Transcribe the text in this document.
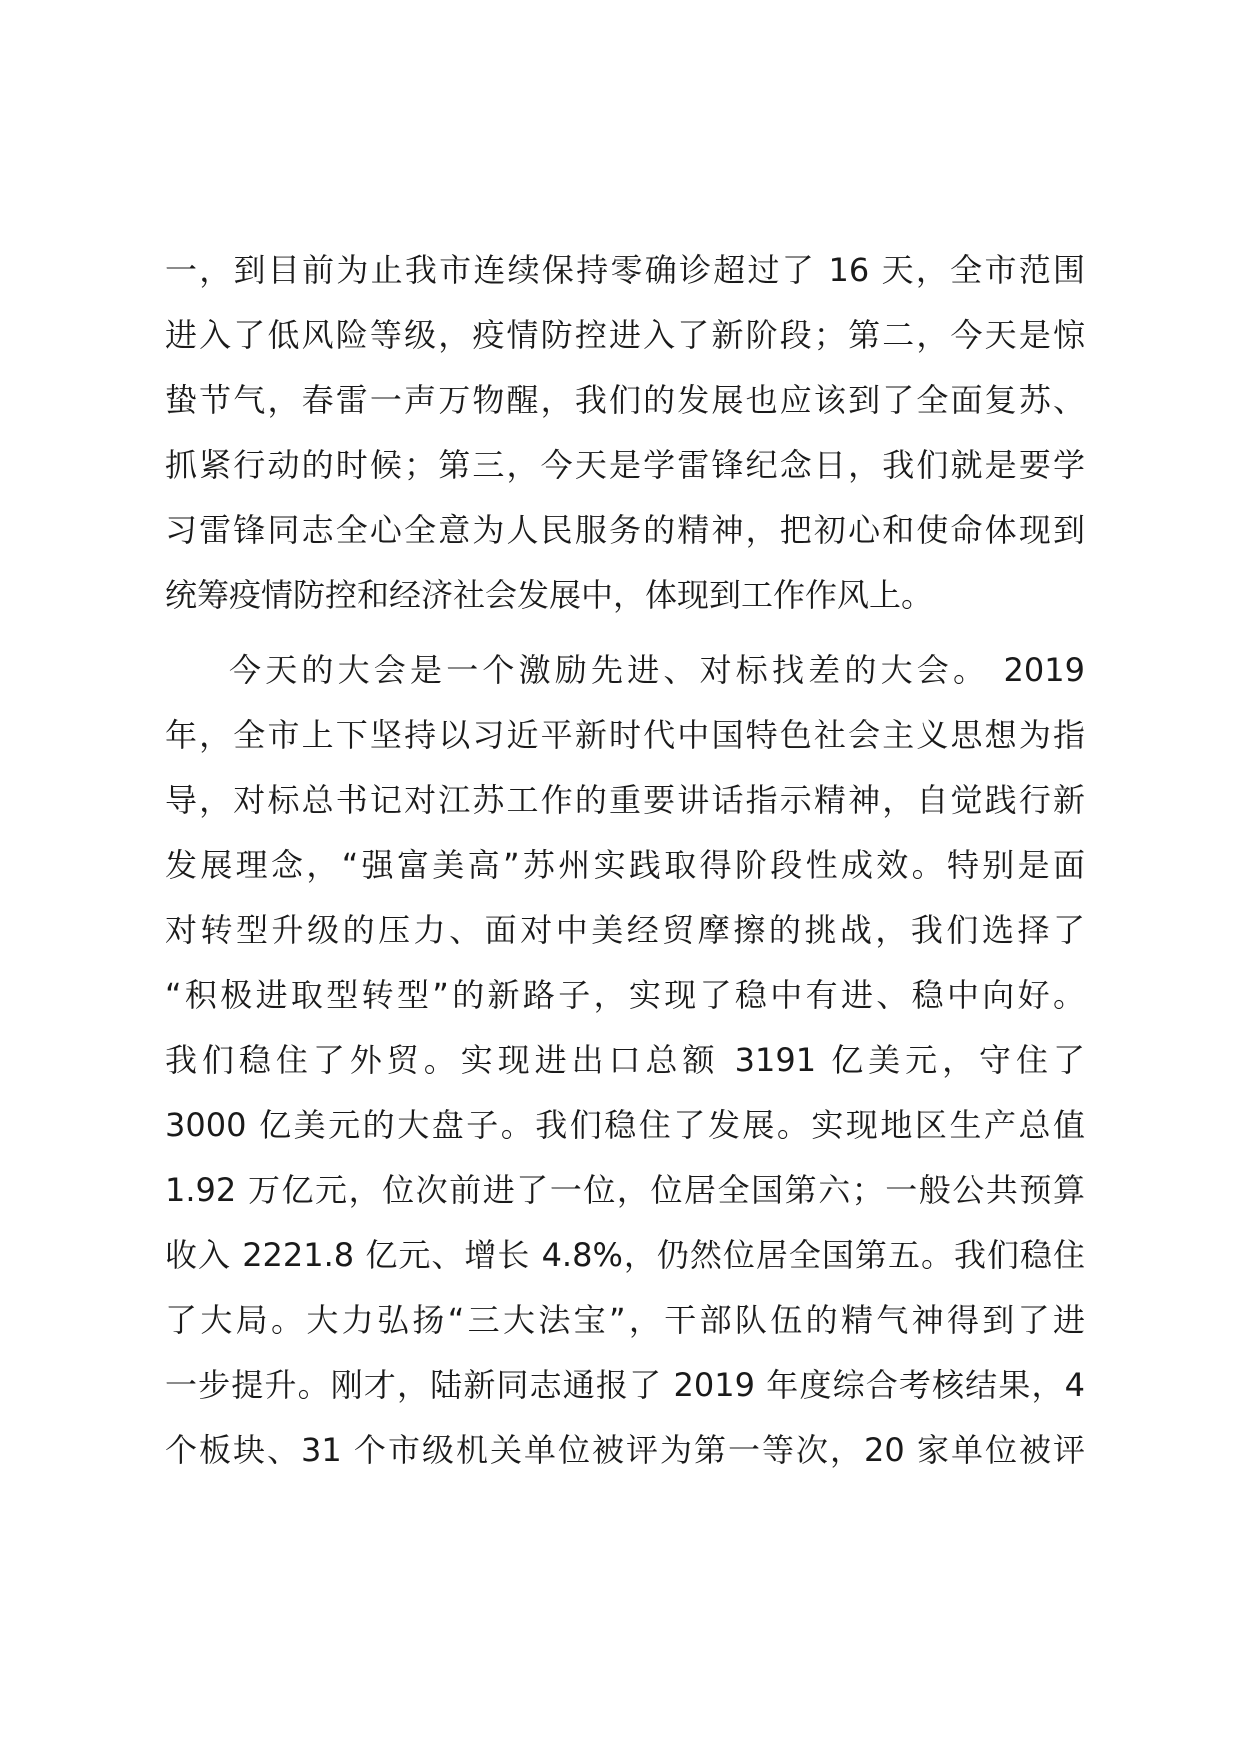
一，到目前为止我市连续保持零确诊超过了 16 天，全市范围
进入了低风险等级，疫情防控进入了新阶段；第二，今天是惊
蛰节气，春雷一声万物醒，我们的发展也应该到了全面复苏、
抓紧行动的时候；第三，今天是学雷锋纪念日，我们就是要学
习雷锋同志全心全意为人民服务的精神，把初心和使命体现到
统筹疫情防控和经济社会发展中，体现到工作作风上。
今天的大会是一个激励先进、对标找差的大会。 2019
年，全市上下坚持以习近平新时代中国特色社会主义思想为指
导，对标总书记对江苏工作的重要讲话指示精神，自觉践行新
发展理念，“强富美高”苏州实践取得阶段性成效。特别是面
对转型升级的压力、面对中美经贸摩擦的挑战，我们选择了
“积极进取型转型”的新路子，实现了稳中有进、稳中向好。
我们稳住了外贸。实现进出口总额 3191 亿美元，守住了
3000 亿美元的大盘子。我们稳住了发展。实现地区生产总值
1.92 万亿元，位次前进了一位，位居全国第六；一般公共预算
收入 2221.8 亿元、增长 4.8%，仍然位居全国第五。我们稳住
了大局。大力弘扬“三大法宝”，干部队伍的精气神得到了进
一步提升。刚才，陆新同志通报了 2019 年度综合考核结果，4
个板块、31 个市级机关单位被评为第一等次，20 家单位被评
